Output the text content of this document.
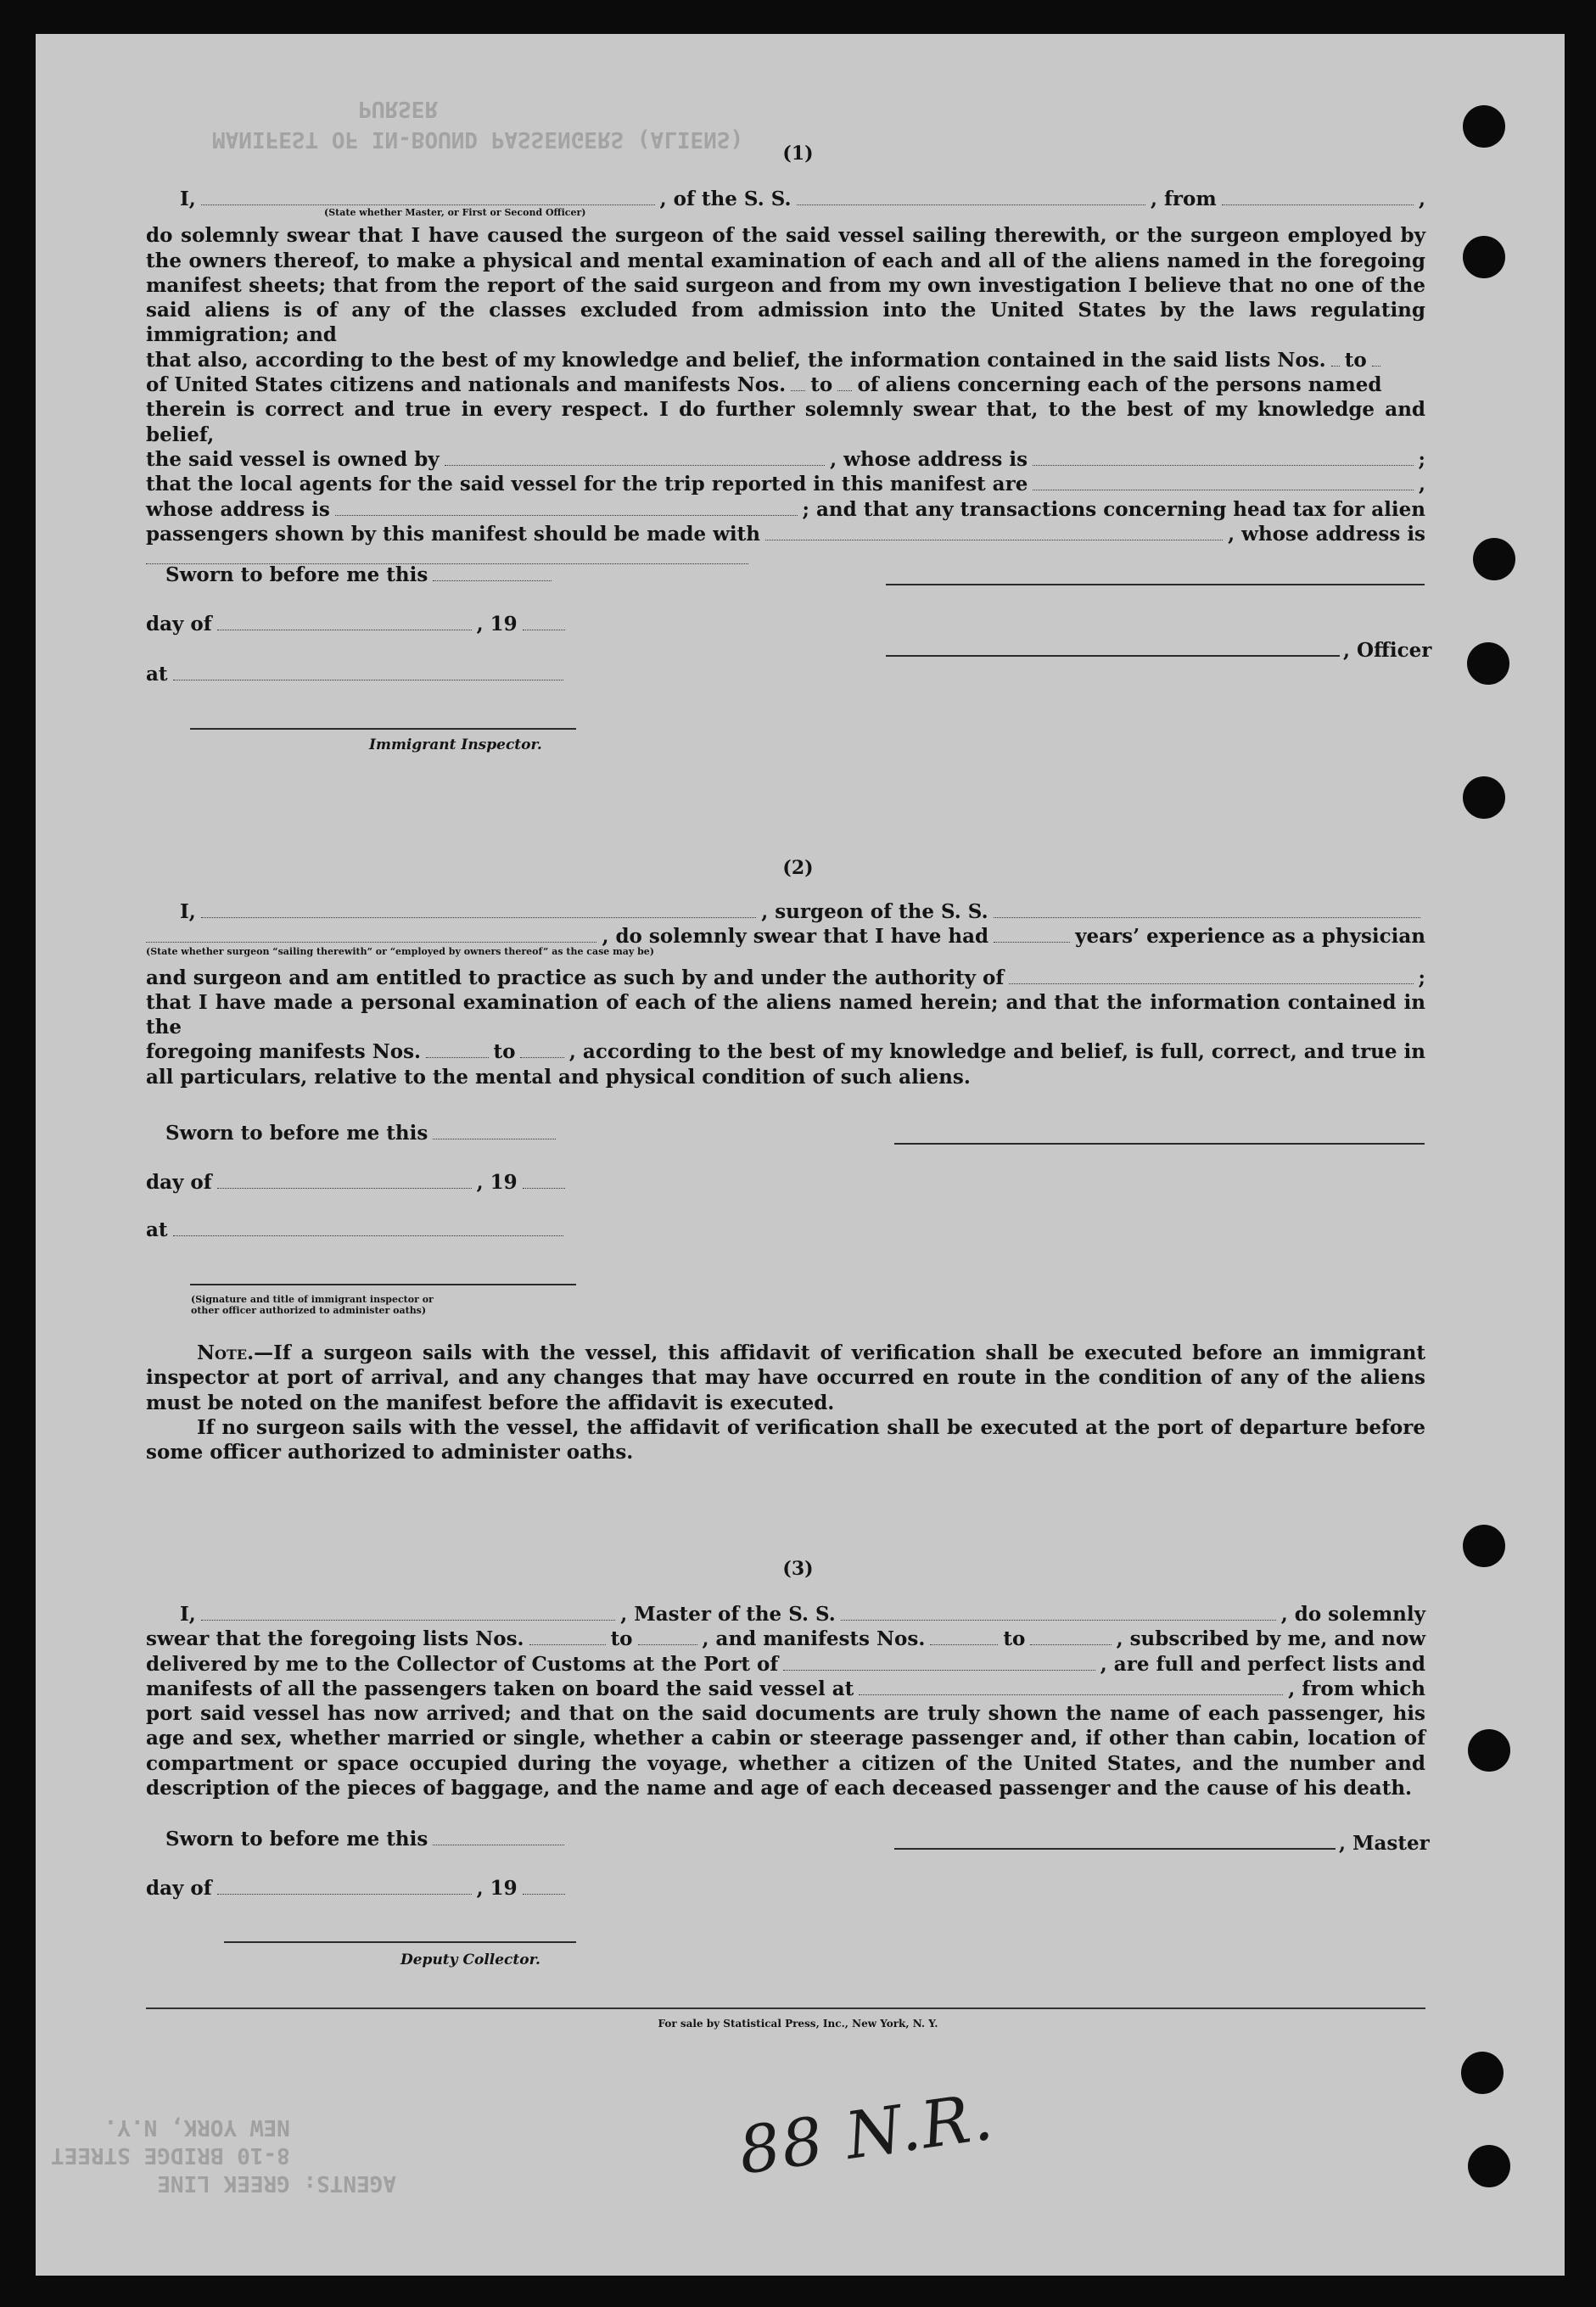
MANIFEST OF IN-BOUND PASSENGERS (ALIENS)
PURSER
(1)
I,	, of the S. S.	, from	,
(State whether Master, or First or Second Officer)
do solemnly swear that I have caused the surgeon of the said vessel sailing therewith, or the surgeon employed by the owners thereof, to make a physical and mental examination of each and all of the aliens named in the foregoing manifest sheets; that from the report of the said surgeon and from my own investigation I believe that no one of the said aliens is of any of the classes excluded from admission into the United States by the laws regulating immigration; and
that also, according to the best of my knowledge and belief, the information contained in the said lists Nos. to
of United States citizens and nationals and manifests Nos. to of aliens concerning each of the persons named
therein is correct and true in every respect. I do further solemnly swear that, to the best of my knowledge and belief,
the said vessel is owned by	, whose address is	;
that the local agents for the said vessel for the trip reported in this manifest are	,
whose address is	; and that any transactions concerning head tax for alien
passengers shown by this manifest should be made with	, whose address is
Sworn to before me this
day of	, 19
at
Immigrant Inspector.
, Officer
(2)
I,	, surgeon of the S. S.
, do solemnly swear that I have had	years’ experience as a physician
(State whether surgeon “sailing therewith” or “employed by owners thereof” as the case may be)
and surgeon and am entitled to practice as such by and under the authority of	;
that I have made a personal examination of each of the aliens named herein; and that the information contained in the
foregoing manifests Nos.	to	, according to the best of my knowledge and belief, is full, correct, and true in
all particulars, relative to the mental and physical condition of such aliens.
Sworn to before me this
day of	, 19
at
(Signature and title of immigrant inspector or
other officer authorized to administer oaths)
Note.—If a surgeon sails with the vessel, this affidavit of verification shall be executed before an immigrant inspector at port of arrival, and any changes that may have occurred en route in the condition of any of the aliens must be noted on the manifest before the affidavit is executed.
If no surgeon sails with the vessel, the affidavit of verification shall be executed at the port of departure before some officer authorized to administer oaths.
(3)
I,	, Master of the S. S.	, do solemnly
swear that the foregoing lists Nos.	to	, and manifests Nos.	to	, subscribed by me, and now
delivered by me to the Collector of Customs at the Port of	, are full and perfect lists and
manifests of all the passengers taken on board the said vessel at	, from which
port said vessel has now arrived; and that on the said documents are truly shown the name of each passenger, his age and sex, whether married or single, whether a cabin or steerage passenger and, if other than cabin, location of compartment or space occupied during the voyage, whether a citizen of the United States, and the number and description of the pieces of baggage, and the name and age of each deceased passenger and the cause of his death.
Sworn to before me this
day of	, 19
Deputy Collector.
, Master
For sale by Statistical Press, Inc., New York, N. Y.
AGENTS: GREEK LINE
8-10 BRIDGE STREET
NEW YORK, N.Y.	88 N.R.
